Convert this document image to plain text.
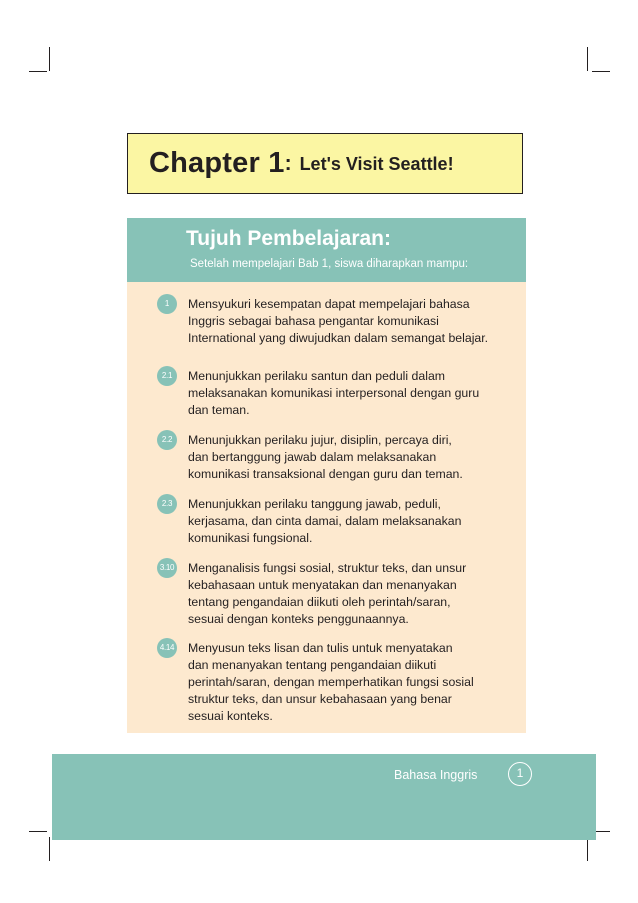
Chapter 1 : Let's Visit Seattle!
Tujuh Pembelajaran:
Setelah mempelajari Bab 1, siswa diharapkan mampu:
1	Mensyukuri kesempatan dapat mempelajari bahasa
Inggris sebagai bahasa pengantar komunikasi
International yang diwujudkan dalam semangat belajar.
2.1	Menunjukkan perilaku santun dan peduli dalam
melaksanakan komunikasi interpersonal dengan guru
dan teman.
2.2	Menunjukkan perilaku jujur, disiplin, percaya diri,
dan bertanggung jawab dalam melaksanakan
komunikasi transaksional dengan guru dan teman.
2.3	Menunjukkan perilaku tanggung jawab, peduli,
kerjasama, dan cinta damai, dalam melaksanakan
komunikasi fungsional.
3.10 Menganalisis fungsi sosial, struktur teks, dan unsur
kebahasaan untuk menyatakan dan menanyakan
tentang pengandaian diikuti oleh perintah/saran,
sesuai dengan konteks penggunaannya.
4.14 Menyusun teks lisan dan tulis untuk menyatakan
dan menanyakan tentang pengandaian diikuti
perintah/saran, dengan memperhatikan fungsi sosial
struktur teks, dan unsur kebahasaan yang benar
sesuai konteks.
Bahasa Inggris	1
